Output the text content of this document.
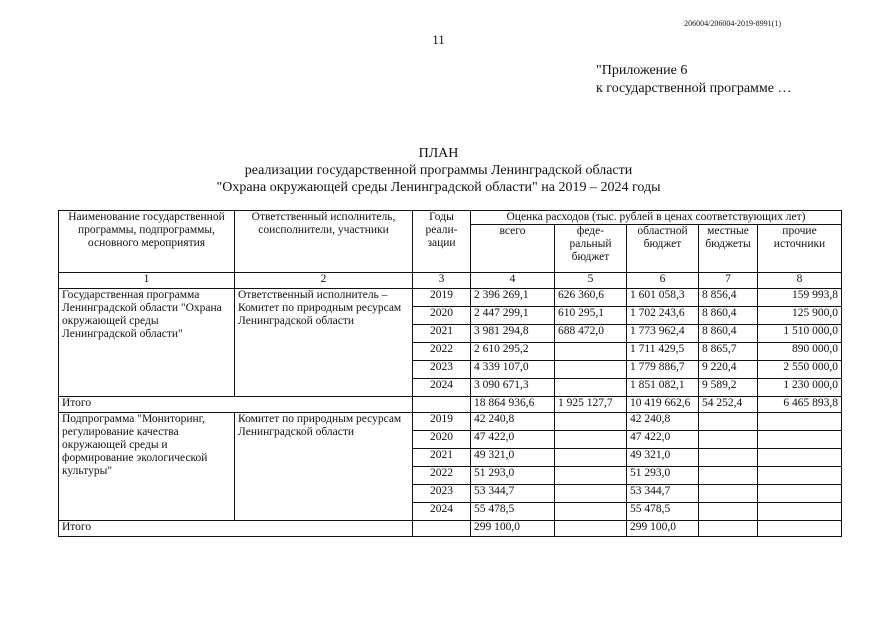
206004/206004-2019-8991(1)
11
"Приложение 6
к государственной программе …
ПЛАН
реализации государственной программы Ленинградской области
"Охрана окружающей среды Ленинградской области" на 2019 – 2024 годы
Наименование государственной программы, подпрограммы, основного мероприятия	Ответственный исполнитель, соисполнители, участники	Годы реали-зации	Оценка расходов (тыс. рублей в ценах соответствующих лет)				
			всего	феде-ральный бюджет	областной бюджет	местные бюджеты	прочие источники
1	2	3	4	5	6	7	8
Государственная программа Ленинградской области "Охрана окружающей среды Ленинградской области"	Ответственный исполнитель – Комитет по природным ресурсам Ленинградской области	2019	2 396 269,1	626 360,6	1 601 058,3	8 856,4	159 993,8
		2020	2 447 299,1	610 295,1	1 702 243,6	8 860,4	125 900,0
		2021	3 981 294,8	688 472,0	1 773 962,4	8 860,4	1 510 000,0
		2022	2 610 295,2		1 711 429,5	8 865,7	890 000,0
		2023	4 339 107,0		1 779 886,7	9 220,4	2 550 000,0
		2024	3 090 671,3		1 851 082,1	9 589,2	1 230 000,0
Итого			18 864 936,6	1 925 127,7	10 419 662,6	54 252,4	6 465 893,8
Подпрограмма "Мониторинг, регулирование качества окружающей среды и формирование экологической культуры"	Комитет по природным ресурсам Ленинградской области	2019	42 240,8		42 240,8		
		2020	47 422,0		47 422,0		
		2021	49 321,0		49 321,0		
		2022	51 293,0		51 293,0		
		2023	53 344,7		53 344,7		
		2024	55 478,5		55 478,5		
Итого			299 100,0		299 100,0		
